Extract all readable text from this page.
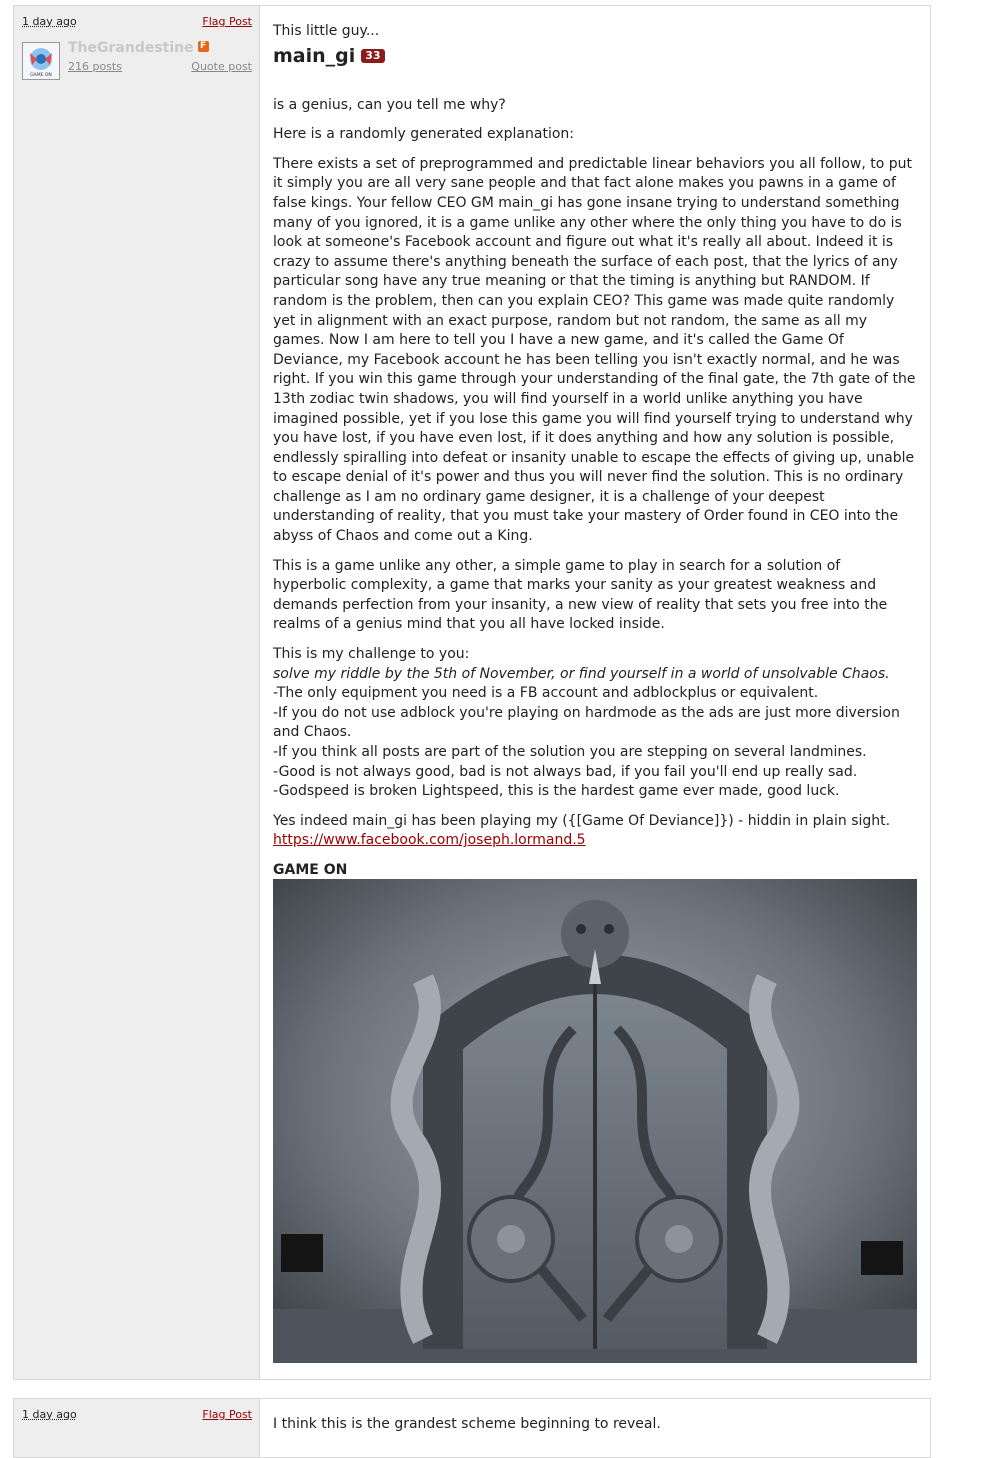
1 day ago	Flag Post
GAME ON
TheGrandestine F
216 posts	Quote post

This little guy...

main_gi 33

is a genius, can you tell me why?

Here is a randomly generated explanation:

There exists a set of preprogrammed and predictable linear behaviors you all follow, to put it simply you are all very sane people and that fact alone makes you pawns in a game of false kings. Your fellow CEO GM main_gi has gone insane trying to understand something many of you ignored, it is a game unlike any other where the only thing you have to do is look at someone's Facebook account and figure out what it's really all about. Indeed it is crazy to assume there's anything beneath the surface of each post, that the lyrics of any particular song have any true meaning or that the timing is anything but RANDOM. If random is the problem, then can you explain CEO? This game was made quite randomly yet in alignment with an exact purpose, random but not random, the same as all my games. Now I am here to tell you I have a new game, and it's called the Game Of Deviance, my Facebook account he has been telling you isn't exactly normal, and he was right. If you win this game through your understanding of the final gate, the 7th gate of the 13th zodiac twin shadows, you will find yourself in a world unlike anything you have imagined possible, yet if you lose this game you will find yourself trying to understand why you have lost, if you have even lost, if it does anything and how any solution is possible, endlessly spiralling into defeat or insanity unable to escape the effects of giving up, unable to escape denial of it's power and thus you will never find the solution. This is no ordinary challenge as I am no ordinary game designer, it is a challenge of your deepest understanding of reality, that you must take your mastery of Order found in CEO into the abyss of Chaos and come out a King.

This is a game unlike any other, a simple game to play in search for a solution of hyperbolic complexity, a game that marks your sanity as your greatest weakness and demands perfection from your insanity, a new view of reality that sets you free into the realms of a genius mind that you all have locked inside.

This is my challenge to you:
solve my riddle by the 5th of November, or find yourself in a world of unsolvable Chaos.
-The only equipment you need is a FB account and adblockplus or equivalent.
-If you do not use adblock you're playing on hardmode as the ads are just more diversion and Chaos.
-If you think all posts are part of the solution you are stepping on several landmines.
-Good is not always good, bad is not always bad, if you fail you'll end up really sad.
-Godspeed is broken Lightspeed, this is the hardest game ever made, good luck.
Yes indeed main_gi has been playing my ({[Game Of Deviance]}) - hiddin in plain sight.
https://www.facebook.com/joseph.lormand.5

GAME ON

1 day ago	Flag Post

I think this is the grandest scheme beginning to reveal.
